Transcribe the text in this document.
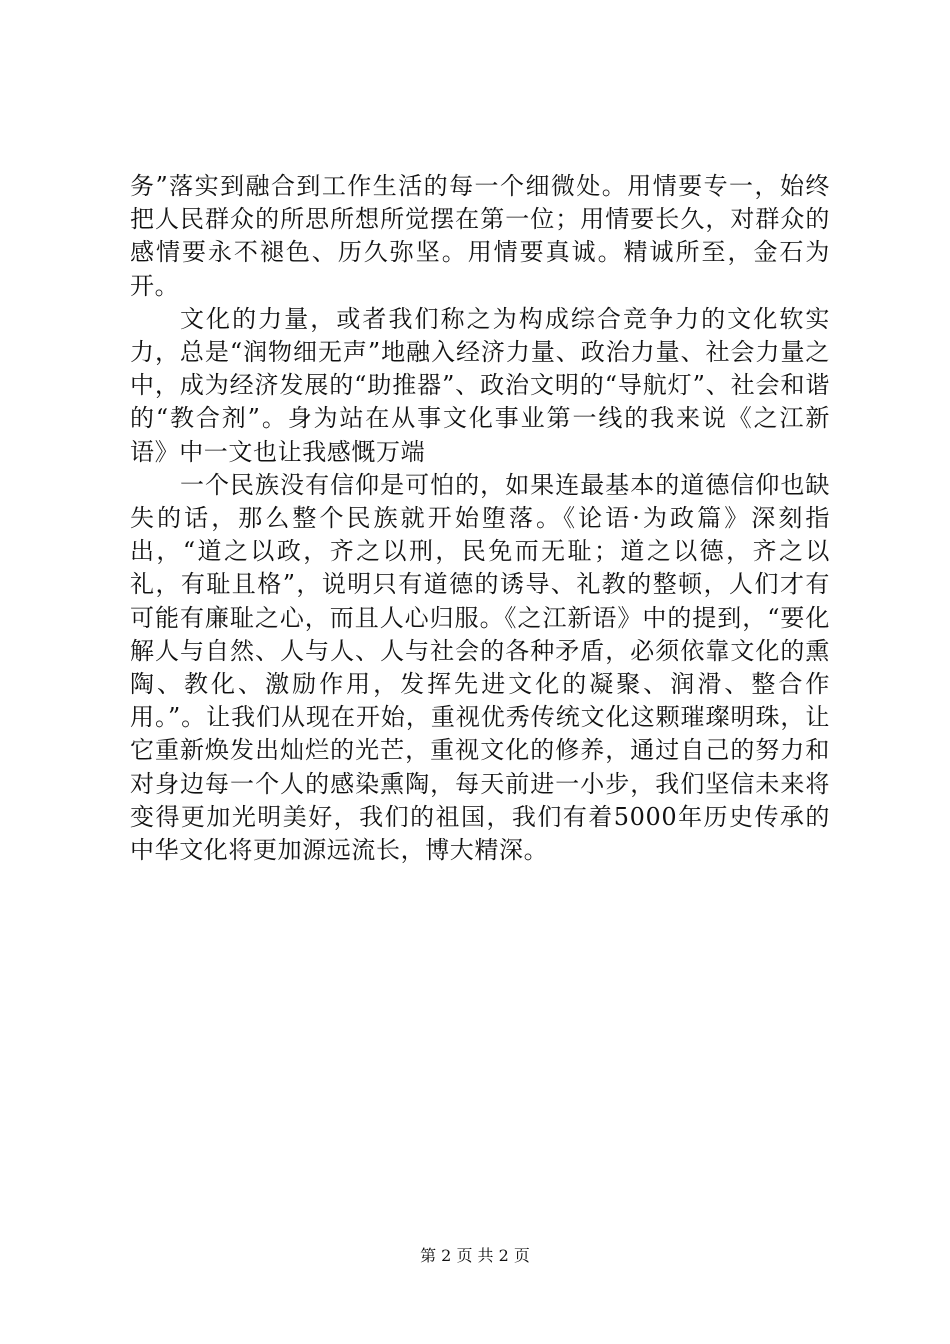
务”落实到融合到工作生活的每一个细微处。用情要专一，始终把人民群众的所思所想所觉摆在第一位；用情要长久，对群众的感情要永不褪色、历久弥坚。用情要真诚。精诚所至，金石为开。

文化的力量，或者我们称之为构成综合竞争力的文化软实力，总是“润物细无声”地融入经济力量、政治力量、社会力量之中，成为经济发展的“助推器”、政治文明的“导航灯”、社会和谐的“教合剂”。身为站在从事文化事业第一线的我来说《之江新语》中一文也让我感慨万端

一个民族没有信仰是可怕的，如果连最基本的道德信仰也缺失的话，那么整个民族就开始堕落。《论语·为政篇》深刻指出，“道之以政，齐之以刑，民免而无耻；道之以德，齐之以礼，有耻且格”，说明只有道德的诱导、礼教的整顿，人们才有可能有廉耻之心，而且人心归服。《之江新语》中的提到，“要化解人与自然、人与人、人与社会的各种矛盾，必须依靠文化的熏陶、教化、激励作用，发挥先进文化的凝聚、润滑、整合作用。”。让我们从现在开始，重视优秀传统文化这颗璀璨明珠，让它重新焕发出灿烂的光芒，重视文化的修养，通过自己的努力和对身边每一个人的感染熏陶，每天前进一小步，我们坚信未来将变得更加光明美好，我们的祖国，我们有着5000年历史传承的中华文化将更加源远流长，博大精深。

第 2 页 共 2 页
